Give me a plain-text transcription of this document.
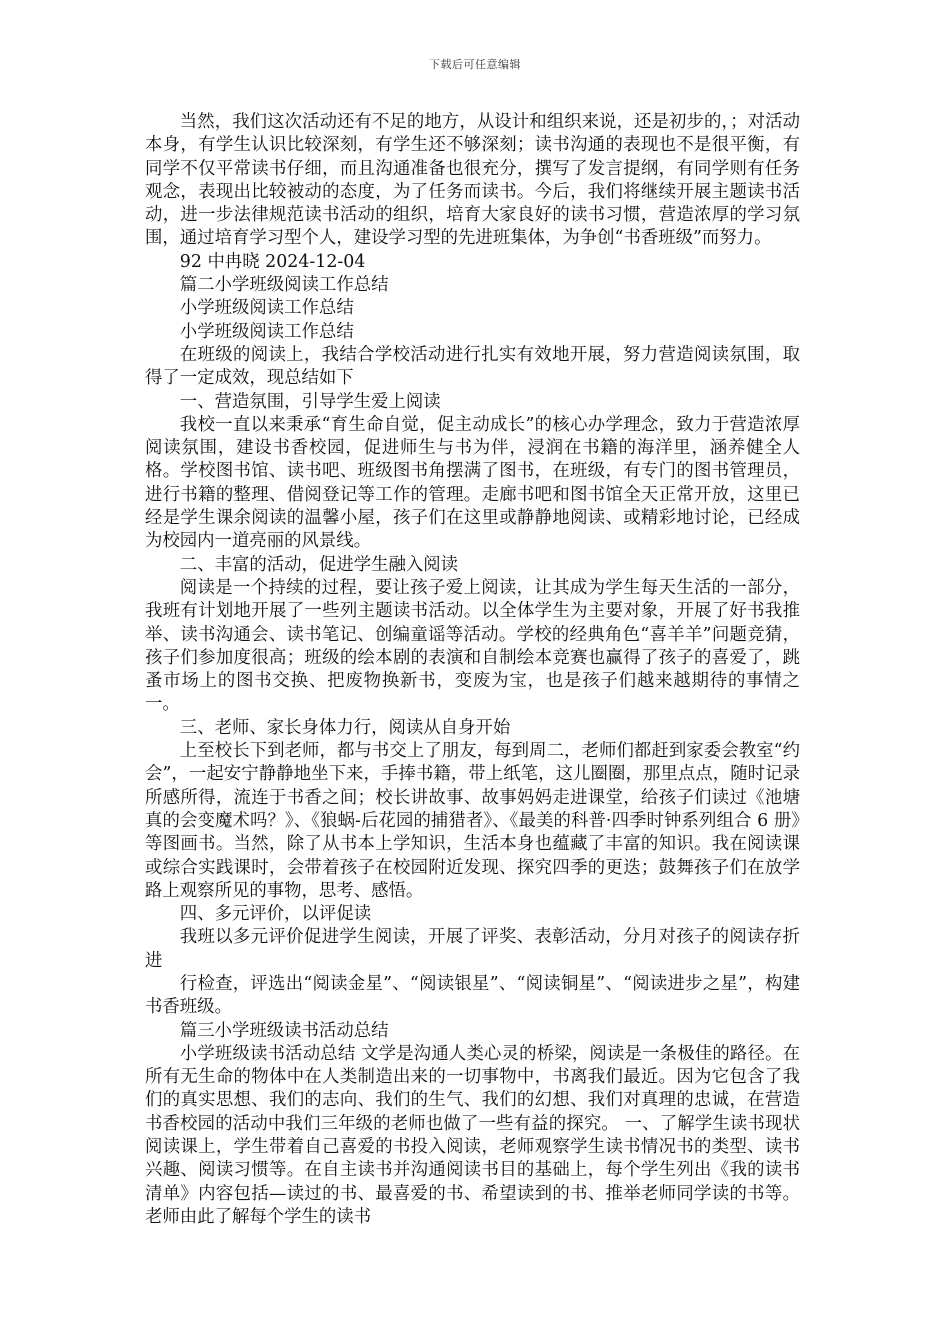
下载后可任意编辑

当然，我们这次活动还有不足的地方，从设计和组织来说，还是初步的，；对活动本身，有学生认识比较深刻，有学生还不够深刻；读书沟通的表现也不是很平衡，有同学不仅平常读书仔细，而且沟通准备也很充分，撰写了发言提纲，有同学则有任务观念，表现出比较被动的态度，为了任务而读书。今后，我们将继续开展主题读书活动，进一步法律规范读书活动的组织，培育大家良好的读书习惯，营造浓厚的学习氛围，通过培育学习型个人，建设学习型的先进班集体，为争创“书香班级”而努力。

92 中冉晓 2024-12-04

篇二小学班级阅读工作总结

小学班级阅读工作总结

小学班级阅读工作总结

在班级的阅读上，我结合学校活动进行扎实有效地开展，努力营造阅读氛围，取得了一定成效，现总结如下

一、营造氛围，引导学生爱上阅读

我校一直以来秉承“育生命自觉，促主动成长”的核心办学理念，致力于营造浓厚阅读氛围，建设书香校园，促进师生与书为伴，浸润在书籍的海洋里，涵养健全人格。学校图书馆、读书吧、班级图书角摆满了图书，在班级，有专门的图书管理员，进行书籍的整理、借阅登记等工作的管理。走廊书吧和图书馆全天正常开放，这里已经是学生课余阅读的温馨小屋，孩子们在这里或静静地阅读、或精彩地讨论，已经成为校园内一道亮丽的风景线。

二、丰富的活动，促进学生融入阅读

阅读是一个持续的过程，要让孩子爱上阅读，让其成为学生每天生活的一部分，我班有计划地开展了一些列主题读书活动。以全体学生为主要对象，开展了好书我推举、读书沟通会、读书笔记、创编童谣等活动。学校的经典角色“喜羊羊”问题竞猜，孩子们参加度很高；班级的绘本剧的表演和自制绘本竞赛也赢得了孩子的喜爱了，跳蚤市场上的图书交换、把废物换新书，变废为宝，也是孩子们越来越期待的事情之一。

三、老师、家长身体力行，阅读从自身开始

上至校长下到老师，都与书交上了朋友，每到周二，老师们都赶到家委会教室“约会”，一起安宁静静地坐下来，手捧书籍，带上纸笔，这儿圈圈，那里点点，随时记录所感所得，流连于书香之间；校长讲故事、故事妈妈走进课堂，给孩子们读过《池塘真的会变魔术吗？》、《狼蜗-后花园的捕猎者》、《最美的科普·四季时钟系列组合 6 册》等图画书。当然，除了从书本上学知识，生活本身也蕴藏了丰富的知识。我在阅读课或综合实践课时，会带着孩子在校园附近发现、探究四季的更迭；鼓舞孩子们在放学路上观察所见的事物，思考、感悟。

四、多元评价，以评促读

我班以多元评价促进学生阅读，开展了评奖、表彰活动，分月对孩子的阅读存折进

行检查，评选出“阅读金星”、“阅读银星”、“阅读铜星”、“阅读进步之星”，构建书香班级。

篇三小学班级读书活动总结

小学班级读书活动总结 文学是沟通人类心灵的桥梁，阅读是一条极佳的路径。在所有无生命的物体中在人类制造出来的一切事物中，书离我们最近。因为它包含了我们的真实思想、我们的志向、我们的生气、我们的幻想、我们对真理的忠诚，在营造书香校园的活动中我们三年级的老师也做了一些有益的探究。 一、了解学生读书现状 阅读课上，学生带着自己喜爱的书投入阅读，老师观察学生读书情况书的类型、读书兴趣、阅读习惯等。在自主读书并沟通阅读书目的基础上，每个学生列出《我的读书清单》内容包括—读过的书、最喜爱的书、希望读到的书、推举老师同学读的书等。老师由此了解每个学生的读书
